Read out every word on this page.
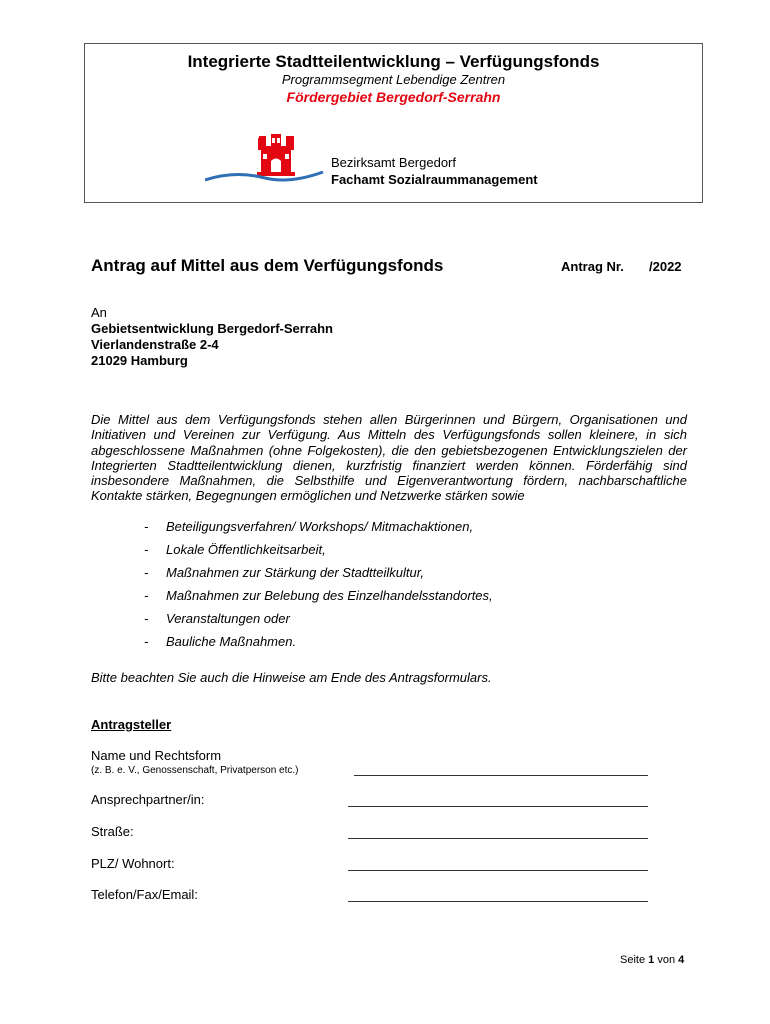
Integrierte Stadtteilentwicklung – Verfügungsfonds
Programmsegment Lebendige Zentren
Fördergebiet Bergedorf-Serrahn
Bezirksamt Bergedorf
Fachamt Sozialraummanagement
Antrag auf Mittel aus dem Verfügungsfonds	Antrag Nr. /2022
An
Gebietsentwicklung Bergedorf-Serrahn
Vierlandenstraße 2-4
21029 Hamburg
Die Mittel aus dem Verfügungsfonds stehen allen Bürgerinnen und Bürgern, Organisationen und Initiativen und Vereinen zur Verfügung. Aus Mitteln des Verfügungsfonds sollen kleinere, in sich abgeschlossene Maßnahmen (ohne Folgekosten), die den gebietsbezogenen Entwicklungszielen der Integrierten Stadtteilentwicklung dienen, kurzfristig finanziert werden können. Förderfähig sind insbesondere Maßnahmen, die Selbsthilfe und Eigenverantwortung fördern, nachbarschaftliche Kontakte stärken, Begegnungen ermöglichen und Netzwerke stärken sowie
-	Beteiligungsverfahren/ Workshops/ Mitmachaktionen,
-	Lokale Öffentlichkeitsarbeit,
-	Maßnahmen zur Stärkung der Stadtteilkultur,
-	Maßnahmen zur Belebung des Einzelhandelsstandortes,
-	Veranstaltungen oder
-	Bauliche Maßnahmen.
Bitte beachten Sie auch die Hinweise am Ende des Antragsformulars.
Antragsteller
Name und Rechtsform
(z. B. e. V., Genossenschaft, Privatperson etc.)
Ansprechpartner/in:
Straße:
PLZ/ Wohnort:
Telefon/Fax/Email:
Seite 1 von 4
